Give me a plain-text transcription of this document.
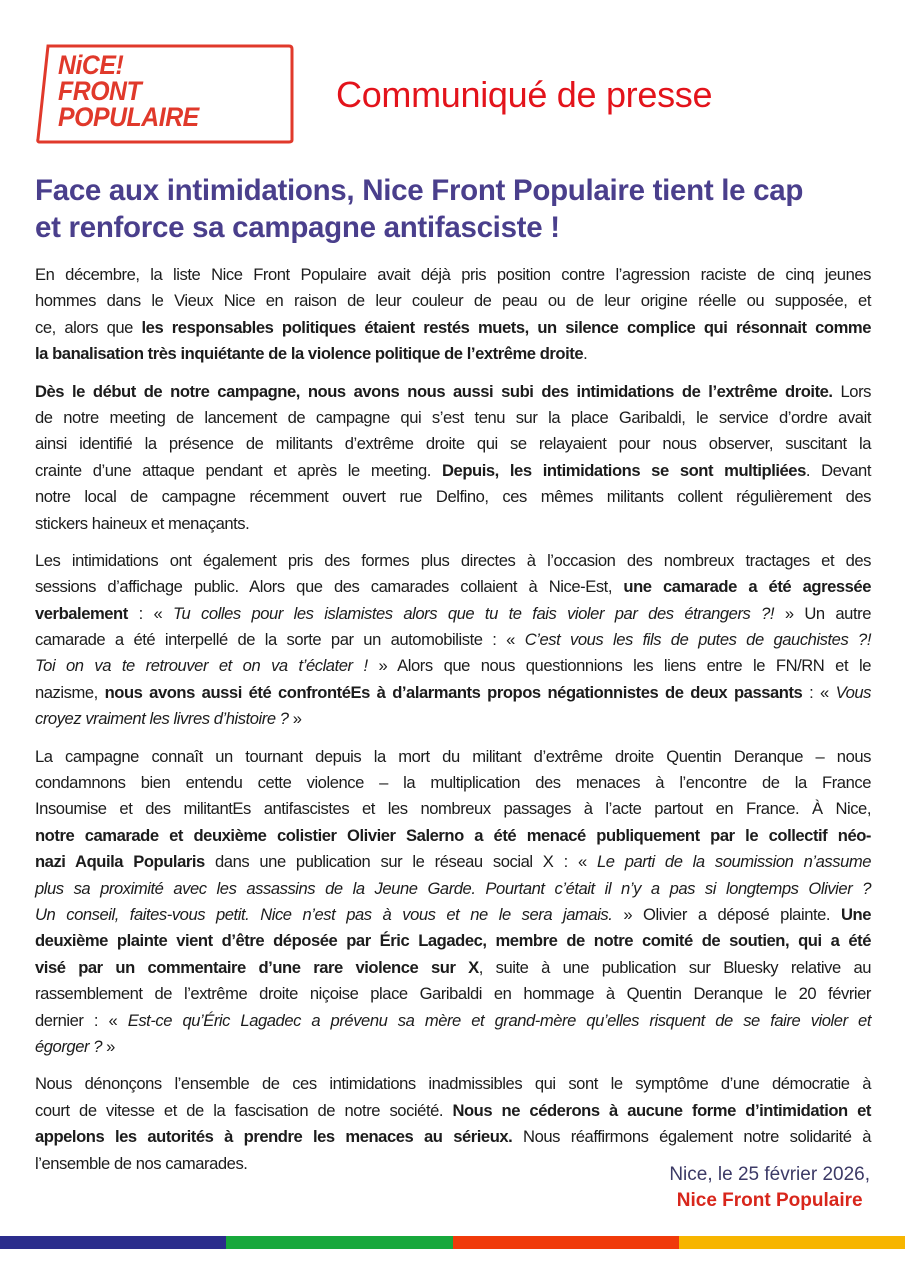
NiCE!
FRONT
POPULAIRE
Communiqué de presse
Face aux intimidations, Nice Front Populaire tient le cap
et renforce sa campagne antifasciste !
En décembre, la liste Nice Front Populaire avait déjà pris position contre l’agression raciste de cinq jeunes
hommes dans le Vieux Nice en raison de leur couleur de peau ou de leur origine réelle ou supposée, et
ce, alors que les responsables politiques étaient restés muets, un silence complice qui résonnait comme
la banalisation très inquiétante de la violence politique de l’extrême droite.
Dès le début de notre campagne, nous avons nous aussi subi des intimidations de l’extrême droite. Lors
de notre meeting de lancement de campagne qui s’est tenu sur la place Garibaldi, le service d’ordre avait
ainsi identifié la présence de militants d’extrême droite qui se relayaient pour nous observer, suscitant la
crainte d’une attaque pendant et après le meeting. Depuis, les intimidations se sont multipliées. Devant
notre local de campagne récemment ouvert rue Delfino, ces mêmes militants collent régulièrement des
stickers haineux et menaçants.
Les intimidations ont également pris des formes plus directes à l’occasion des nombreux tractages et des
sessions d’affichage public. Alors que des camarades collaient à Nice-Est, une camarade a été agressée
verbalement : « Tu colles pour les islamistes alors que tu te fais violer par des étrangers ?! » Un autre
camarade a été interpellé de la sorte par un automobiliste : « C’est vous les fils de putes de gauchistes ?!
Toi on va te retrouver et on va t’éclater ! » Alors que nous questionnions les liens entre le FN/RN et le
nazisme, nous avons aussi été confrontéEs à d’alarmants propos négationnistes de deux passants : « Vous
croyez vraiment les livres d’histoire ? »
La campagne connaît un tournant depuis la mort du militant d’extrême droite Quentin Deranque – nous
condamnons bien entendu cette violence – la multiplication des menaces à l’encontre de la France
Insoumise et des militantEs antifascistes et les nombreux passages à l’acte partout en France. À Nice,
notre camarade et deuxième colistier Olivier Salerno a été menacé publiquement par le collectif néo-
nazi Aquila Popularis dans une publication sur le réseau social X : « Le parti de la soumission n’assume
plus sa proximité avec les assassins de la Jeune Garde. Pourtant c’était il n’y a pas si longtemps Olivier ?
Un conseil, faites-vous petit. Nice n’est pas à vous et ne le sera jamais. » Olivier a déposé plainte. Une
deuxième plainte vient d’être déposée par Éric Lagadec, membre de notre comité de soutien, qui a été
visé par un commentaire d’une rare violence sur X, suite à une publication sur Bluesky relative au
rassemblement de l’extrême droite niçoise place Garibaldi en hommage à Quentin Deranque le 20 février
dernier : « Est-ce qu’Éric Lagadec a prévenu sa mère et grand-mère qu’elles risquent de se faire violer et
égorger ? »
Nous dénonçons l’ensemble de ces intimidations inadmissibles qui sont le symptôme d’une démocratie à
court de vitesse et de la fascisation de notre société. Nous ne céderons à aucune forme d’intimidation et
appelons les autorités à prendre les menaces au sérieux. Nous réaffirmons également notre solidarité à
l’ensemble de nos camarades.
Nice, le 25 février 2026,
Nice Front Populaire
